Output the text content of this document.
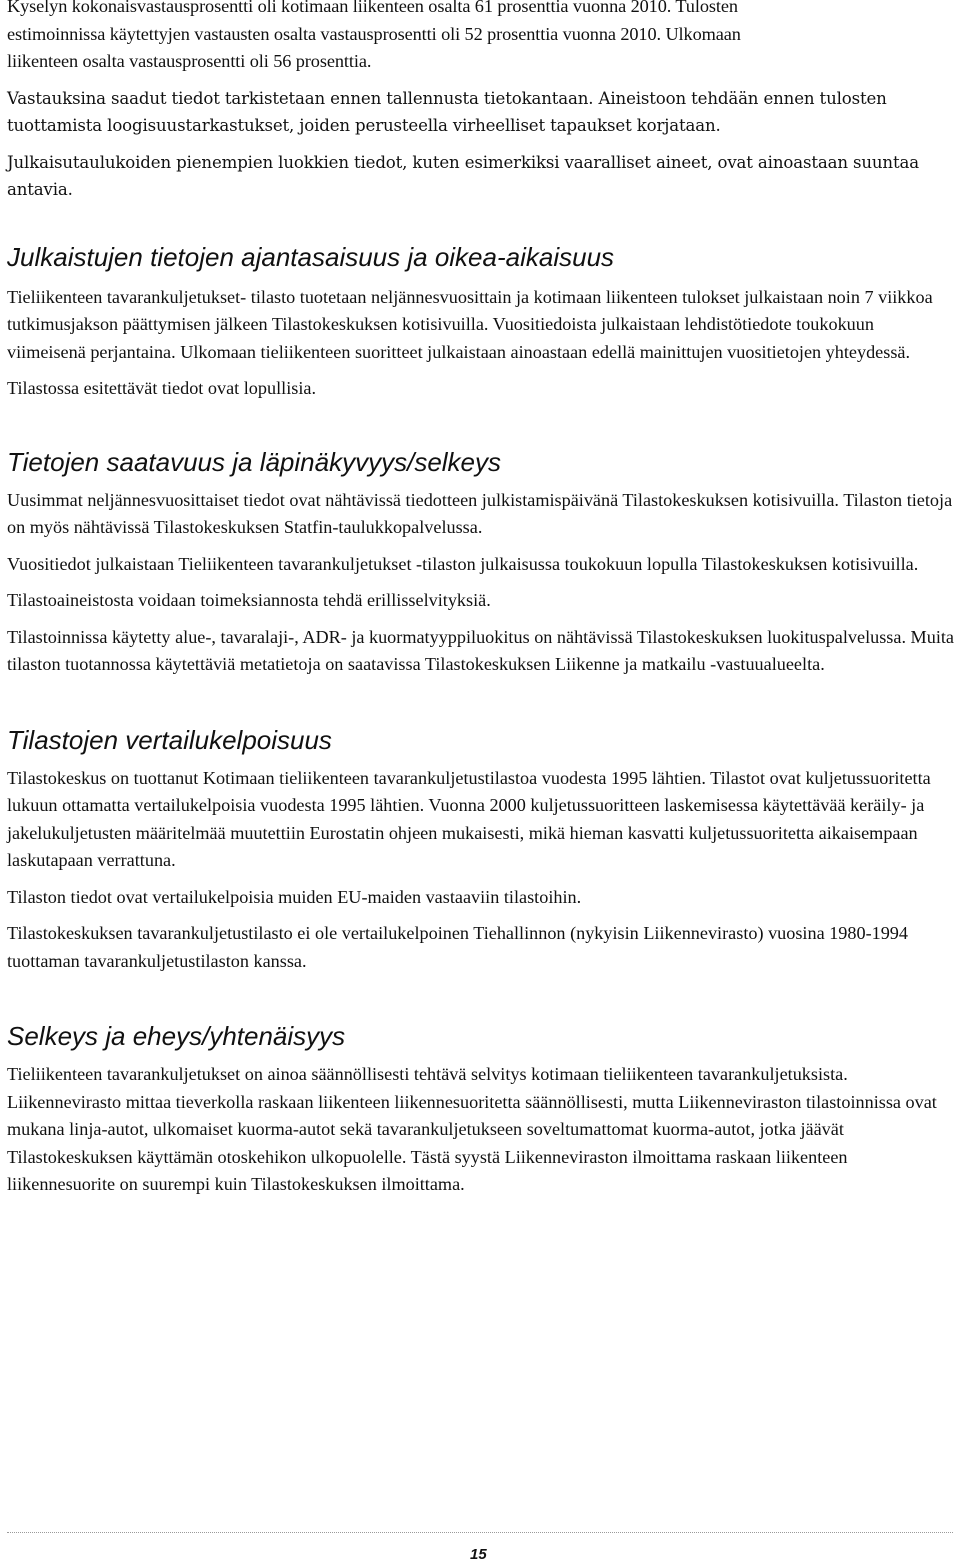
Kyselyn kokonaisvastausprosentti oli kotimaan liikenteen osalta 61 prosenttia vuonna 2010. Tulosten
estimoinnissa käytettyjen vastausten osalta vastausprosentti oli 52 prosenttia vuonna 2010. Ulkomaan
liikenteen osalta vastausprosentti oli 56 prosenttia.

Vastauksina saadut tiedot tarkistetaan ennen tallennusta tietokantaan. Aineistoon tehdään ennen tulosten tuottamista loogisuustarkastukset, joiden perusteella virheelliset tapaukset korjataan.

Julkaisutaulukoiden pienempien luokkien tiedot, kuten esimerkiksi vaaralliset aineet, ovat ainoastaan suuntaa antavia.

Julkaistujen tietojen ajantasaisuus ja oikea-aikaisuus

Tieliikenteen tavarankuljetukset- tilasto tuotetaan neljännesvuosittain ja kotimaan liikenteen tulokset julkaistaan noin 7 viikkoa tutkimusjakson päättymisen jälkeen Tilastokeskuksen kotisivuilla. Vuositiedoista julkaistaan lehdistötiedote toukokuun viimeisenä perjantaina. Ulkomaan tieliikenteen suoritteet julkaistaan ainoastaan edellä mainittujen vuositietojen yhteydessä.

Tilastossa esitettävät tiedot ovat lopullisia.

Tietojen saatavuus ja läpinäkyvyys/selkeys

Uusimmat neljännesvuosittaiset tiedot ovat nähtävissä tiedotteen julkistamispäivänä Tilastokeskuksen kotisivuilla. Tilaston tietoja on myös nähtävissä Tilastokeskuksen Statfin-taulukkopalvelussa.

Vuositiedot julkaistaan Tieliikenteen tavarankuljetukset -tilaston julkaisussa toukokuun lopulla Tilastokeskuksen kotisivuilla.

Tilastoaineistosta voidaan toimeksiannosta tehdä erillisselvityksiä.

Tilastoinnissa käytetty alue-, tavaralaji-, ADR- ja kuormatyyppiluokitus on nähtävissä Tilastokeskuksen luokituspalvelussa. Muita tilaston tuotannossa käytettäviä metatietoja on saatavissa Tilastokeskuksen Liikenne ja matkailu -vastuualueelta.

Tilastojen vertailukelpoisuus

Tilastokeskus on tuottanut Kotimaan tieliikenteen tavarankuljetustilastoa vuodesta 1995 lähtien. Tilastot ovat kuljetussuoritetta lukuun ottamatta vertailukelpoisia vuodesta 1995 lähtien. Vuonna 2000 kuljetussuoritteen laskemisessa käytettävää keräily- ja jakelukuljetusten määritelmää muutettiin Eurostatin ohjeen mukaisesti, mikä hieman kasvatti kuljetussuoritetta aikaisempaan laskutapaan verrattuna.

Tilaston tiedot ovat vertailukelpoisia muiden EU-maiden vastaaviin tilastoihin.

Tilastokeskuksen tavarankuljetustilasto ei ole vertailukelpoinen Tiehallinnon (nykyisin Liikennevirasto) vuosina 1980-1994 tuottaman tavarankuljetustilaston kanssa.

Selkeys ja eheys/yhtenäisyys

Tieliikenteen tavarankuljetukset on ainoa säännöllisesti tehtävä selvitys kotimaan tieliikenteen tavarankuljetuksista. Liikennevirasto mittaa tieverkolla raskaan liikenteen liikennesuoritetta säännöllisesti, mutta Liikenneviraston tilastoinnissa ovat mukana linja-autot, ulkomaiset kuorma-autot sekä tavarankuljetukseen soveltumattomat kuorma-autot, jotka jäävät Tilastokeskuksen käyttämän otoskehikon ulkopuolelle. Tästä syystä Liikenneviraston ilmoittama raskaan liikenteen liikennesuorite on suurempi kuin Tilastokeskuksen ilmoittama.

15
